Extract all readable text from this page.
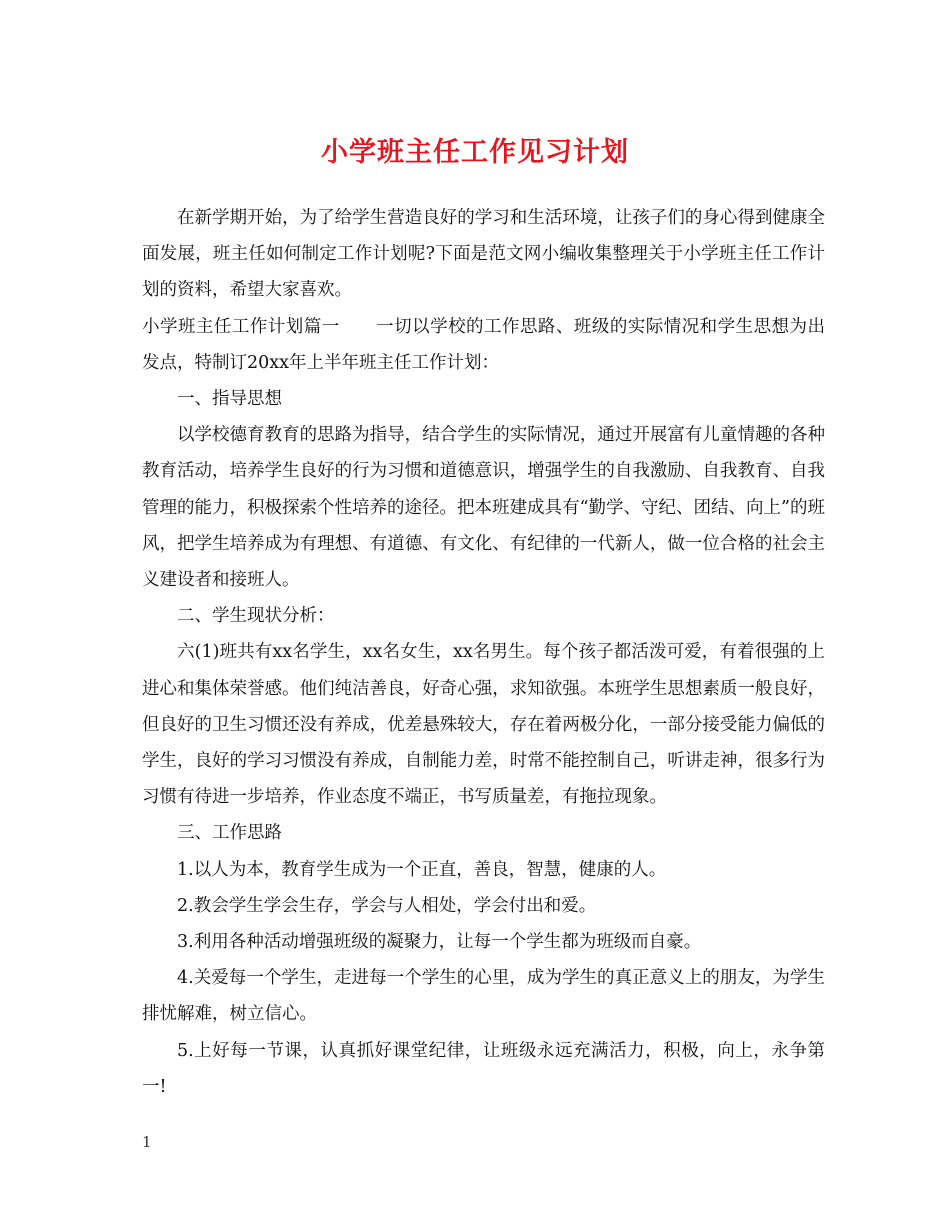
小学班主任工作见习计划

在新学期开始，为了给学生营造良好的学习和生活环境，让孩子们的身心得到健康全面发展，班主任如何制定工作计划呢?下面是范文网小编收集整理关于小学班主任工作计划的资料，希望大家喜欢。

小学班主任工作计划篇一 一切以学校的工作思路、班级的实际情况和学生思想为出发点，特制订20xx年上半年班主任工作计划：

一、指导思想

以学校德育教育的思路为指导，结合学生的实际情况，通过开展富有儿童情趣的各种教育活动，培养学生良好的行为习惯和道德意识，增强学生的自我激励、自我教育、自我管理的能力，积极探索个性培养的途径。把本班建成具有“勤学、守纪、团结、向上”的班风，把学生培养成为有理想、有道德、有文化、有纪律的一代新人，做一位合格的社会主义建设者和接班人。

二、学生现状分析：

六(1)班共有xx名学生，xx名女生，xx名男生。每个孩子都活泼可爱，有着很强的上进心和集体荣誉感。他们纯洁善良，好奇心强，求知欲强。本班学生思想素质一般良好，但良好的卫生习惯还没有养成，优差悬殊较大，存在着两极分化，一部分接受能力偏低的学生，良好的学习习惯没有养成，自制能力差，时常不能控制自己，听讲走神，很多行为习惯有待进一步培养，作业态度不端正，书写质量差，有拖拉现象。

三、工作思路

1.以人为本，教育学生成为一个正直，善良，智慧，健康的人。

2.教会学生学会生存，学会与人相处，学会付出和爱。

3.利用各种活动增强班级的凝聚力，让每一个学生都为班级而自豪。

4.关爱每一个学生，走进每一个学生的心里，成为学生的真正意义上的朋友，为学生排忧解难，树立信心。

5.上好每一节课，认真抓好课堂纪律，让班级永远充满活力，积极，向上，永争第一!

1
